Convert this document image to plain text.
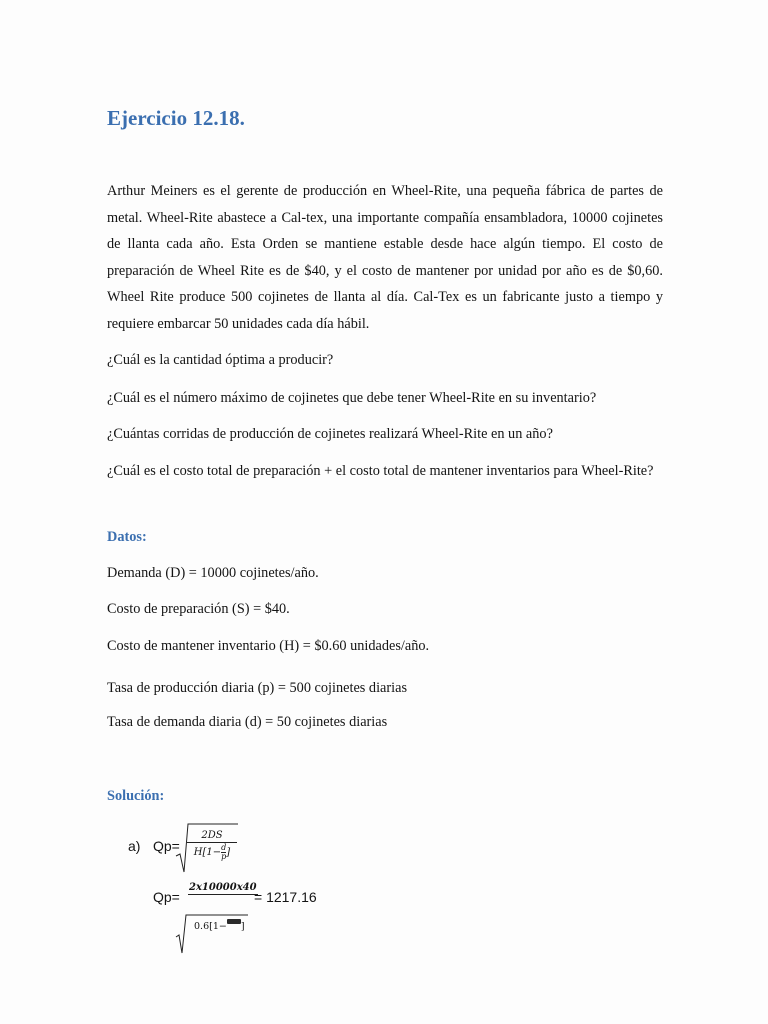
Ejercicio 12.18.

Arthur Meiners es el gerente de producción en Wheel-Rite, una pequeña fábrica de partes de metal. Wheel-Rite abastece a Cal-tex, una importante compañía ensambladora, 10000 cojinetes de llanta cada año. Esta Orden se mantiene estable desde hace algún tiempo. El costo de preparación de Wheel Rite es de $40, y el costo de mantener por unidad por año es de $0,60. Wheel Rite produce 500 cojinetes de llanta al día. Cal-Tex es un fabricante justo a tiempo y requiere embarcar 50 unidades cada día hábil.

¿Cuál es la cantidad óptima a producir?

¿Cuál es el número máximo de cojinetes que debe tener Wheel-Rite en su inventario?

¿Cuántas corridas de producción de cojinetes realizará Wheel-Rite en un año?

¿Cuál es el costo total de preparación + el costo total de mantener inventarios para Wheel-Rite?

Datos:

Demanda (D) = 10000 cojinetes/año.

Costo de preparación (S) = $40.

Costo de mantener inventario (H) = $0.60 unidades/año.

Tasa de producción diaria (p) = 500 cojinetes diarias

Tasa de demanda diaria (d) = 50 cojinetes diarias

Solución:

a) $Qp= \frac{2DS}{H[1- \frac{d}{p} ]}$
Qp=
2x10000x40
= 1217.16
0.6[1− ]
